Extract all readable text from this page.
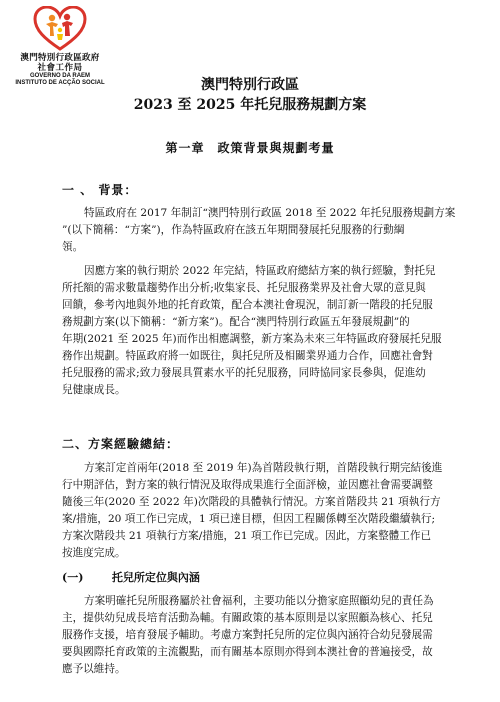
澳門特別行政區政府
社會工作局
GOVERNO DA RAEM
INSTITUTO DE ACÇÃO SOCIAL	澳門特別行政區
2023 至 2025 年托兒服務規劃方案
第一章　政策背景與規劃考量
一 、 背景：
特區政府在 2017 年制訂“澳門特別行政區 2018 至 2022 年托兒服務規劃方案
”(以下簡稱：“方案”)，作為特區政府在該五年期間發展托兒服務的行動綱
領。
因應方案的執行期於 2022 年完結，特區政府總結方案的執行經驗，對托兒
所托額的需求數量趨勢作出分析;收集家長、托兒服務業界及社會大眾的意見與
回饋，參考內地與外地的托育政策，配合本澳社會現況，制訂新一階段的托兒服
務規劃方案(以下簡稱：“新方案”)。配合“澳門特別行政區五年發展規劃”的
年期(2021 至 2025 年)而作出相應調整，新方案為未來三年特區政府發展托兒服
務作出規劃。特區政府將一如既往，與托兒所及相關業界通力合作，回應社會對
托兒服務的需求;致力發展具質素水平的托兒服務，同時協同家長參與，促進幼
兒健康成長。
二、方案經驗總結：
方案訂定首兩年(2018 至 2019 年)為首階段執行期，首階段執行期完結後進
行中期評估，對方案的執行情況及取得成果進行全面評檢，並因應社會需要調整
隨後三年(2020 至 2022 年)次階段的具體執行情況。方案首階段共 21 項執行方
案/措施，20 項工作已完成，1 項已達目標，但因工程關係轉至次階段繼續執行;
方案次階段共 21 項執行方案/措施，21 項工作已完成。因此，方案整體工作已
按進度完成。
(一)	托兒所定位與內涵
方案明確托兒所服務屬於社會福利，主要功能以分擔家庭照顧幼兒的責任為
主，提供幼兒成長培育活動為輔。有關政策的基本原則是以家照顧為核心、托兒
服務作支援，培育發展予輔助。考慮方案對托兒所的定位與內涵符合幼兒發展需
要與國際托育政策的主流觀點，而有關基本原則亦得到本澳社會的普遍接受，故
應予以維持。
